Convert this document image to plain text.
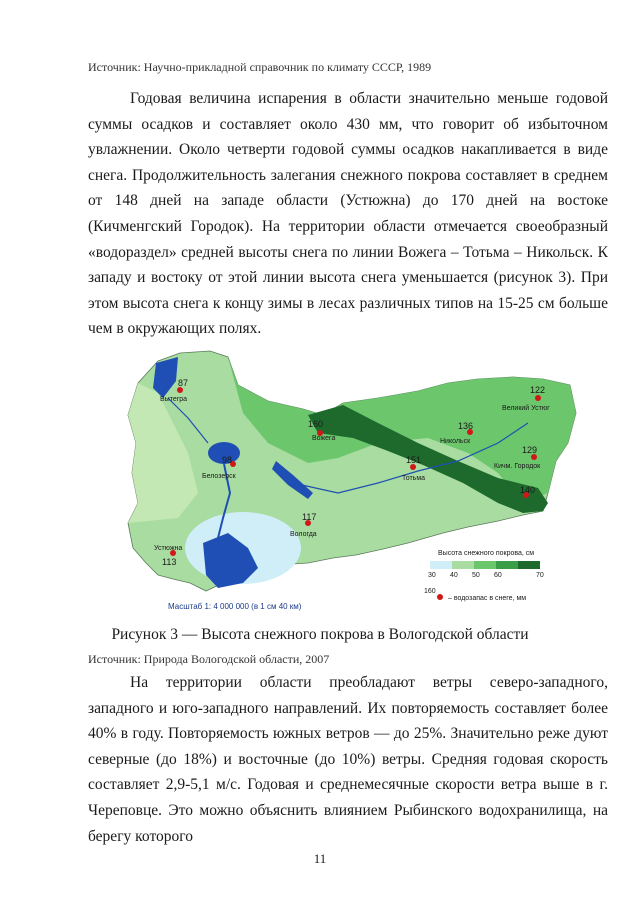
Источник: Научно-прикладной справочник по климату СССР, 1989

Годовая величина испарения в области значительно меньше годовой суммы осадков и составляет около 430 мм, что говорит об избыточном увлажнении. Около четверти годовой суммы осадков накапливается в виде снега. Продолжительность залегания снежного покрова составляет в среднем от 148 дней на западе области (Устюжна) до 170 дней на востоке (Кичменгский Городок). На территории области отмечается своеобразный «водораздел» средней высоты снега по линии Вожега – Тотьма – Никольск. К западу и востоку от этой линии высота снега уменьшается (рисунок 3). При этом высота снега к концу зимы в лесах различных типов на 15-25 см больше чем в окружающих полях.

87
160
98	151
117
113
122
136
129
140
Вытегра
Вожега
Белозерск	Тотьма
Вологда
Устюжна
Великий Устюг
Никольск
Кичм. Городок
Высота снежного покрова, см
30 40 50 60	70
160
– водозапас в снеге, мм
Масштаб 1: 4 000 000 (в 1 см 40 км)
Рисунок 3 — Высота снежного покрова в Вологодской области
Источник: Природа Вологодской области, 2007

На территории области преобладают ветры северо-западного, западного и юго-западного направлений. Их повторяемость составляет более 40% в году. Повторяемость южных ветров — до 25%. Значительно реже дуют северные (до 18%) и восточные (до 10%) ветры. Средняя годовая скорость составляет 2,9-5,1 м/с. Годовая и среднемесячные скорости ветра выше в г. Череповце. Это можно объяснить влиянием Рыбинского водохранилища, на берегу которого

11
